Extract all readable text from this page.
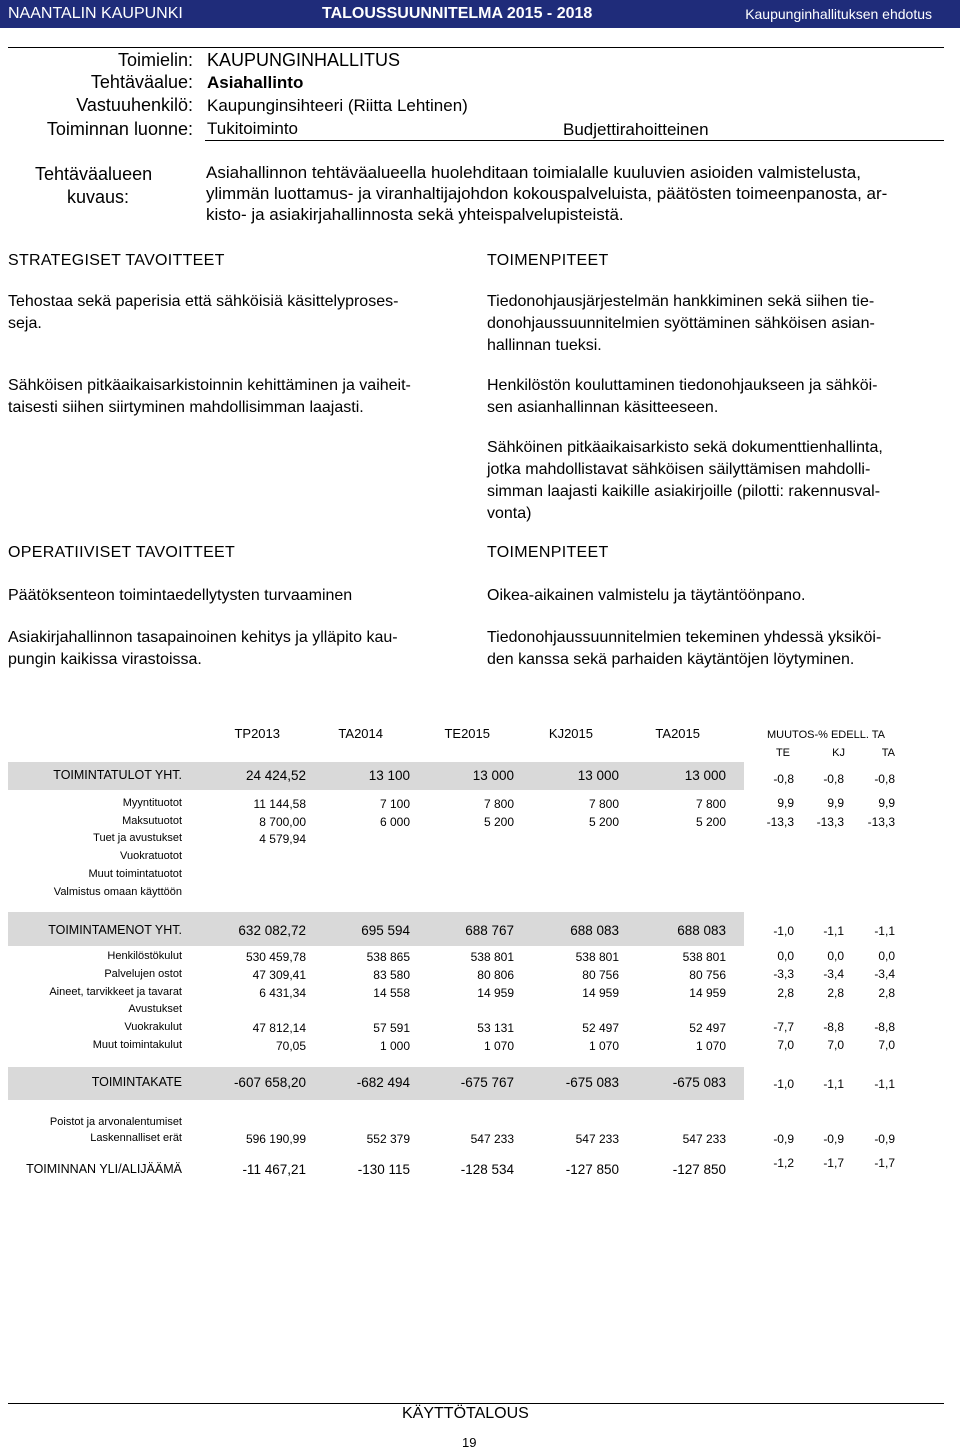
NAANTALIN KAUPUNKI	TALOUSSUUNNITELMA 2015 - 2018	Kaupunginhallituksen ehdotus
Toimielin: KAUPUNGINHALLITUS
Tehtäväalue: Asiahallinto
Vastuuhenkilö: Kaupunginsihteeri (Riitta Lehtinen)
Toiminnan luonne: Tukitoiminto	Budjettirahoitteinen
Tehtäväalueen
kuvaus:
Asiahallinnon tehtäväalueella huolehditaan toimialalle kuuluvien asioiden valmistelusta,
ylimmän luottamus- ja viranhaltijajohdon kokouspalveluista, päätösten toimeenpanosta, ar-
kisto- ja asiakirjahallinnosta sekä yhteispalvelupisteistä.
STRATEGISET TAVOITTEET
Tehostaa sekä paperisia että sähköisiä käsittelyproses-
seja.
Sähköisen pitkäaikaisarkistoinnin kehittäminen ja vaiheit-
taisesti siihen siirtyminen mahdollisimman laajasti.
TOIMENPITEET
Tiedonohjausjärjestelmän hankkiminen sekä siihen tie-
donohjaussuunnitelmien syöttäminen sähköisen asian-
hallinnan tueksi.
Henkilöstön kouluttaminen tiedonohjaukseen ja sähköi-
sen asianhallinnan käsitteeseen.
Sähköinen pitkäaikaisarkisto sekä dokumenttienhallinta,
jotka mahdollistavat sähköisen säilyttämisen mahdolli-
simman laajasti kaikille asiakirjoille (pilotti: rakennusval-
vonta)
OPERATIIVISET TAVOITTEET
Päätöksenteon toimintaedellytysten turvaaminen
Asiakirjahallinnon tasapainoinen kehitys ja ylläpito kau-
pungin kaikissa virastoissa.
TOIMENPITEET
Oikea-aikainen valmistelu ja täytäntöönpano.
Tiedonohjaussuunnitelmien tekeminen yhdessä yksiköi-
den kanssa sekä parhaiden käytäntöjen löytyminen.
TP2013	TA2014	TE2015	KJ2015	TA2015	MUUTOS-% EDELL. TA
TE	KJ	TA
TOIMINTATULOT YHT.	24 424,52	13 100	13 000	13 000	13 000	-0,8	-0,8	-0,8
Myyntituotot	11 144,58	7 100	7 800	7 800	7 800	9,9	9,9	9,9
Maksutuotot	8 700,00	6 000	5 200	5 200	5 200	-13,3	-13,3	-13,3
Tuet ja avustukset	4 579,94
Vuokratuotot
Muut toimintatuotot
Valmistus omaan käyttöön
TOIMINTAMENOT YHT.	632 082,72	695 594	688 767	688 083	688 083	-1,0	-1,1	-1,1
Henkilöstökulut	530 459,78	538 865	538 801	538 801	538 801	0,0	0,0	0,0
Palvelujen ostot	47 309,41	83 580	80 806	80 756	80 756	-3,3	-3,4	-3,4
Aineet, tarvikkeet ja tavarat	6 431,34	14 558	14 959	14 959	14 959	2,8	2,8	2,8
Avustukset
Vuokrakulut	47 812,14	57 591	53 131	52 497	52 497	-7,7	-8,8	-8,8
Muut toimintakulut	70,05	1 000	1 070	1 070	1 070	7,0	7,0	7,0
TOIMINTAKATE	-607 658,20	-682 494	-675 767	-675 083	-675 083	-1,0	-1,1	-1,1
Poistot ja arvonalentumiset
Laskennalliset erät	596 190,99	552 379	547 233	547 233	547 233	-0,9	-0,9	-0,9
TOIMINNAN YLI/ALIJÄÄMÄ	-11 467,21	-130 115	-128 534	-127 850	-127 850	-1,2	-1,7	-1,7
KÄYTTÖTALOUS
19
